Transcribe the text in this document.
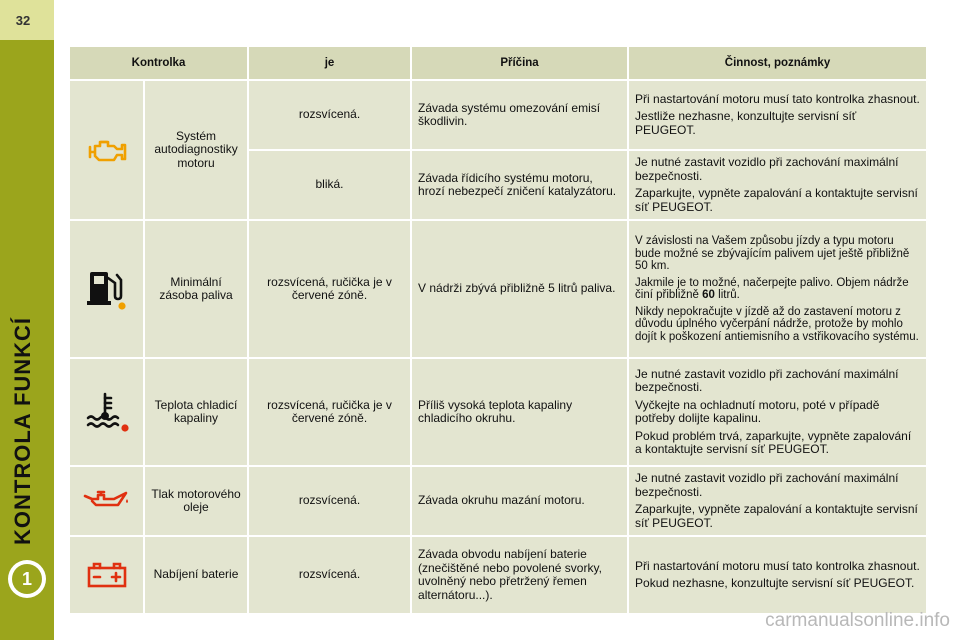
32
KONTROLA FUNKCÍ
1
Kontrolka		je	Příčina	Činnost, poznámky

	Systém autodiagnostiky motoru	rozsvícená.	Závada systému omezování emisí škodlivin.	Při nastartování motoru musí tato kontrolka zhasnout.

Jestliže nezhasne, konzultujte servisní síť PEUGEOT.

		bliká.	Závada řídicího systému motoru, hrozí nebezpečí zničení katalyzátoru.	Je nutné zastavit vozidlo při zachování maximální bezpečnosti.

Zaparkujte, vypněte zapalování a kontaktujte servisní síť PEUGEOT.

	Minimální zásoba paliva	rozsvícená, ručička je v červené zóně.	V nádrži zbývá přibližně 5 litrů paliva.	V závislosti na Vašem způsobu jízdy a typu motoru bude možné se zbývajícím palivem ujet ještě přibližně 50 km.

Jakmile je to možné, načerpejte palivo. Objem nádrže činí přibližně 60 litrů.

Nikdy nepokračujte v jízdě až do zastavení motoru z důvodu úplného vyčerpání nádrže, protože by mohlo dojít k poškození antiemisního a vstřikovacího systému.

	Teplota chladicí kapaliny	rozsvícená, ručička je v červené zóně.	Příliš vysoká teplota kapaliny chladicího okruhu.	Je nutné zastavit vozidlo při zachování maximální bezpečnosti.

Vyčkejte na ochladnutí motoru, poté v případě potřeby dolijte kapalinu.

Pokud problém trvá, zaparkujte, vypněte zapalování a kontaktujte servisní síť PEUGEOT.

	Tlak motorového oleje	rozsvícená.	Závada okruhu mazání motoru.	Je nutné zastavit vozidlo při zachování maximální bezpečnosti.

Zaparkujte, vypněte zapalování a kontaktujte servisní síť PEUGEOT.

	Nabíjení baterie	rozsvícená.	Závada obvodu nabíjení baterie (znečištěné nebo povolené svorky, uvolněný nebo přetržený řemen alternátoru...).	Při nastartování motoru musí tato kontrolka zhasnout.

Pokud nezhasne, konzultujte servisní síť PEUGEOT.

carmanualsonline.info
